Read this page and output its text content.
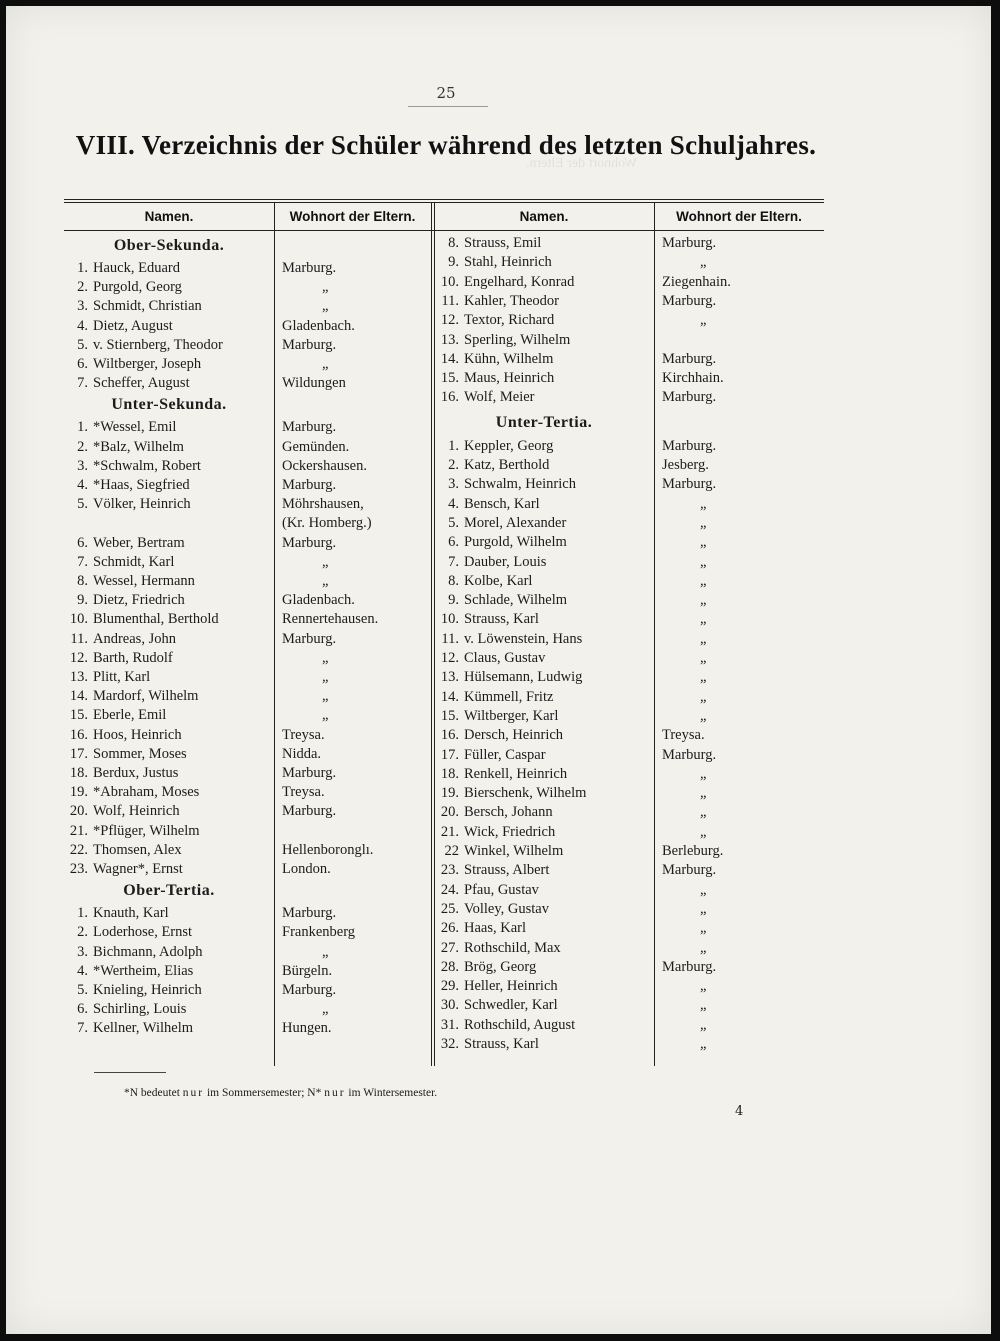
Wohnort der Eltern.
25
VIII. Verzeichnis der Schüler während des letzten Schuljahres.
Namen.	Wohnort der Eltern.	Namen.	Wohnort der Eltern.
Ober-Sekunda.
1. Hauck, Eduard	Marburg.
2. Purgold, Georg	„
3. Schmidt, Christian	„
4. Dietz, August	Gladenbach.
5. v. Stiernberg, Theodor	Marburg.
6. Wiltberger, Joseph	„
7. Scheffer, August	Wildungen
Unter-Sekunda.
1. *Wessel, Emil	Marburg.
2. *Balz, Wilhelm	Gemünden.
3. *Schwalm, Robert	Ockershausen.
4. *Haas, Siegfried	Marburg.
5. Völker, Heinrich	Möhrshausen,
(Kr. Homberg.)
6. Weber, Bertram	Marburg.
7. Schmidt, Karl	„
8. Wessel, Hermann	„
9. Dietz, Friedrich	Gladenbach.
10. Blumenthal, Berthold	Rennertehausen.
11. Andreas, John	Marburg.
12. Barth, Rudolf	„
13. Plitt, Karl	„
14. Mardorf, Wilhelm	„
15. Eberle, Emil	„
16. Hoos, Heinrich	Treysa.
17. Sommer, Moses	Nidda.
18. Berdux, Justus	Marburg.
19. *Abraham, Moses	Treysa.
20. Wolf, Heinrich	Marburg.
21. *Pflüger, Wilhelm
22. Thomsen, Alex	Hellenboronglı.
23. Wagner*, Ernst	London.
Ober-Tertia.
1. Knauth, Karl	Marburg.
2. Loderhose, Ernst	Frankenberg
3. Bichmann, Adolph	„
4. *Wertheim, Elias	Bürgeln.
5. Knieling, Heinrich	Marburg.
6. Schirling, Louis	„
7. Kellner, Wilhelm	Hungen.
8. Strauss, Emil	Marburg.
9. Stahl, Heinrich	„
10. Engelhard, Konrad	Ziegenhain.
11. Kahler, Theodor	Marburg.
12. Textor, Richard	„
13. Sperling, Wilhelm
14. Kühn, Wilhelm	Marburg.
15. Maus, Heinrich	Kirchhain.
16. Wolf, Meier	Marburg.
Unter-Tertia.
1. Keppler, Georg	Marburg.
2. Katz, Berthold	Jesberg.
3. Schwalm, Heinrich	Marburg.
4. Bensch, Karl	„
5. Morel, Alexander	„
6. Purgold, Wilhelm	„
7. Dauber, Louis	„
8. Kolbe, Karl	„
9. Schlade, Wilhelm	„
10. Strauss, Karl	„
11. v. Löwenstein, Hans	„
12. Claus, Gustav	„
13. Hülsemann, Ludwig	„
14. Kümmell, Fritz	„
15. Wiltberger, Karl	„
16. Dersch, Heinrich	Treysa.
17. Füller, Caspar	Marburg.
18. Renkell, Heinrich	„
19. Bierschenk, Wilhelm	„
20. Bersch, Johann	„
21. Wick, Friedrich	„
22 Winkel, Wilhelm	Berleburg.
23. Strauss, Albert	Marburg.
24. Pfau, Gustav	„
25. Volley, Gustav	„
26. Haas, Karl	„
27. Rothschild, Max	„
28. Brög, Georg	Marburg.
29. Heller, Heinrich	„
30. Schwedler, Karl	„
31. Rothschild, August	„
32. Strauss, Karl	„
*N bedeutet nur im Sommersemester; N* nur im Wintersemester.
4
